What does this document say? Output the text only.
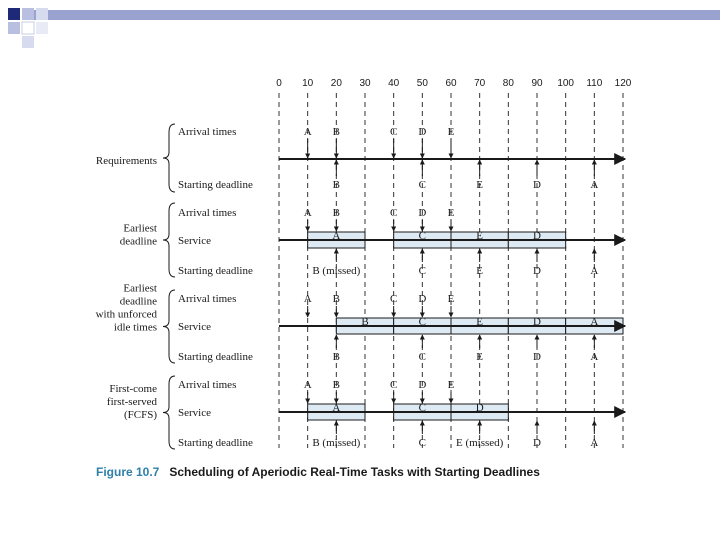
0 10 20 30 40 50 60 70 80 90 100 110 120
Requirements
Arrival times
Starting deadline
A B	C D E
B	C	E	D	A
Earliest
deadline
Arrival times
Service
Starting deadline
A	C	E	D
A B	C D E
B (missed)	C	E	D	A
Earliest
deadline
with unforced
idle times
Arrival times
Service
Starting deadline
B	C	E	D	A
A B	C D E
B	C	E	D	A
First-come
first-served
(FCFS)
Arrival times
Service
Starting deadline
A	C	D
A B	C D E
B (missed)	C	E (missed)	D	A
Figure 10.7 Scheduling of Aperiodic Real-Time Tasks with Starting Deadlines
